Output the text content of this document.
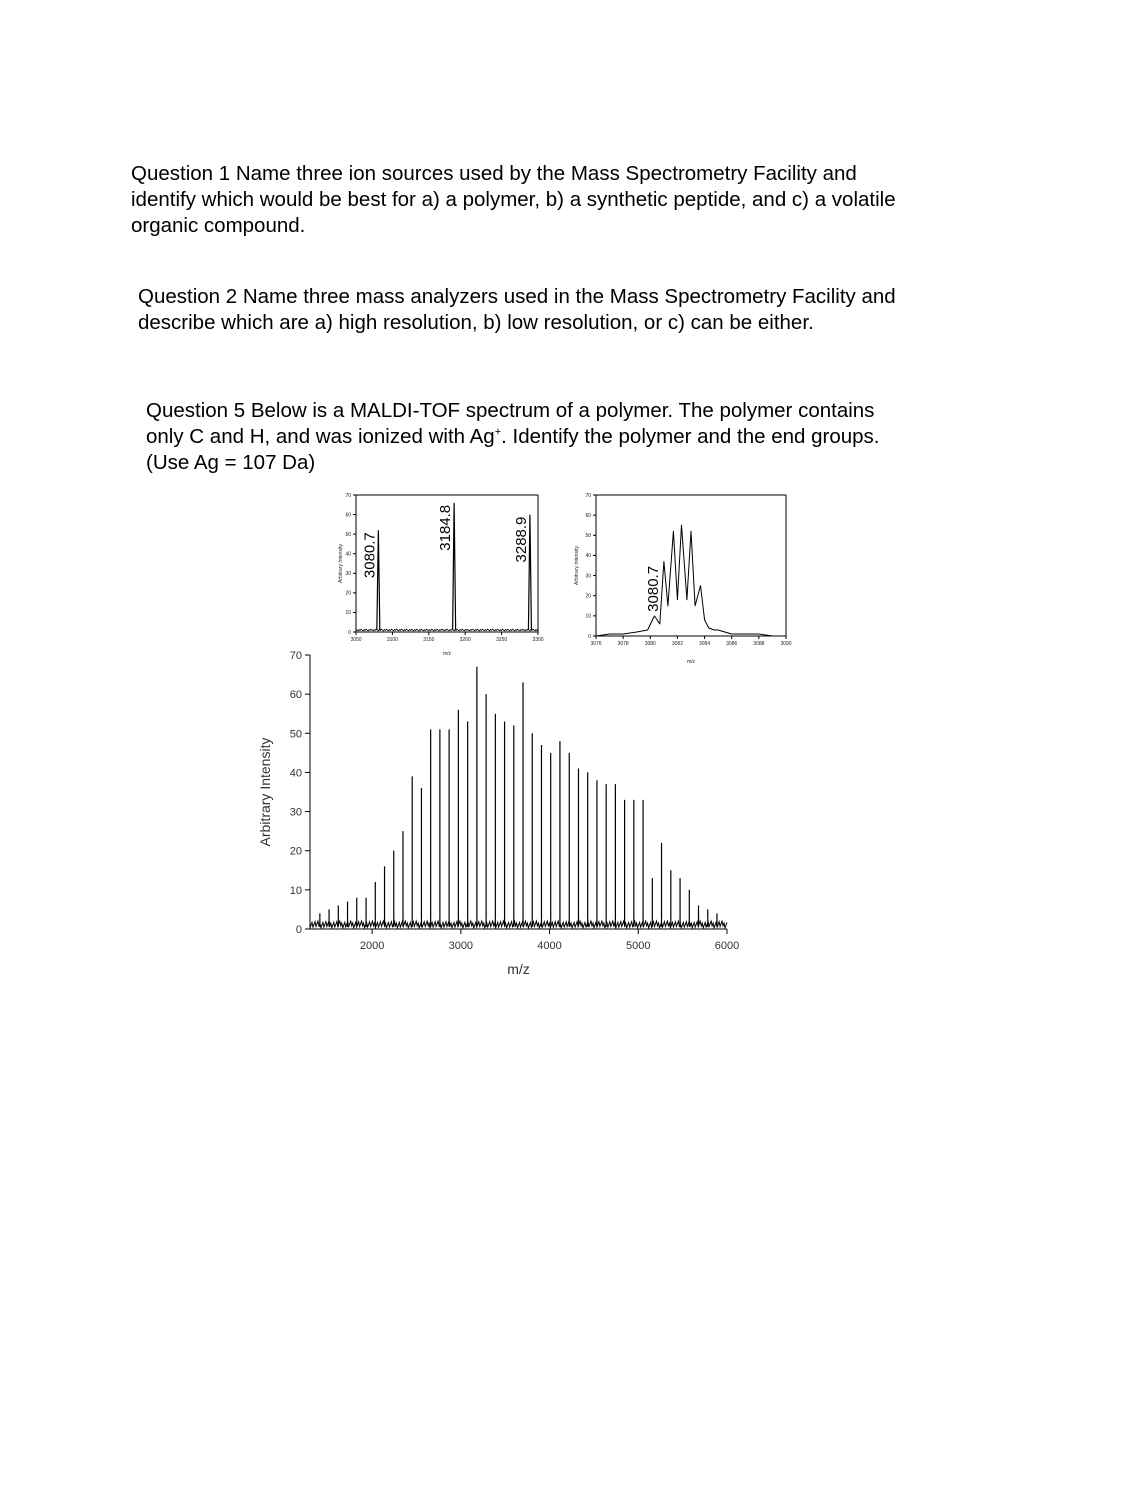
Question 1 Name three ion sources used by the Mass Spectrometry Facility and
identify which would be best for a) a polymer, b) a synthetic peptide, and c) a volatile
organic compound.
Question 2 Name three mass analyzers used in the Mass Spectrometry Facility and
describe which are a) high resolution, b) low resolution, or c) can be either.
Question 5 Below is a MALDI-TOF spectrum of a polymer. The polymer contains
only C and H, and was ionized with Ag+. Identify the polymer and the end groups.
(Use Ag = 107 Da)
0
10
20
30
40
50
60
70
3050	3100	3150	3200	3250	3300
m/z
Arbitrary Intensity 3080.7
3184.8	3288.9
0
10
20
30
40
50
60
70
3076	3078	3080	3082	3084	3086	3088	3090
m/z
Arbitrary Intensity
3080.7
0
10
20
30
40
50
60
70
2000	3000	4000	5000	6000
m/z
Arbitrary Intensity
